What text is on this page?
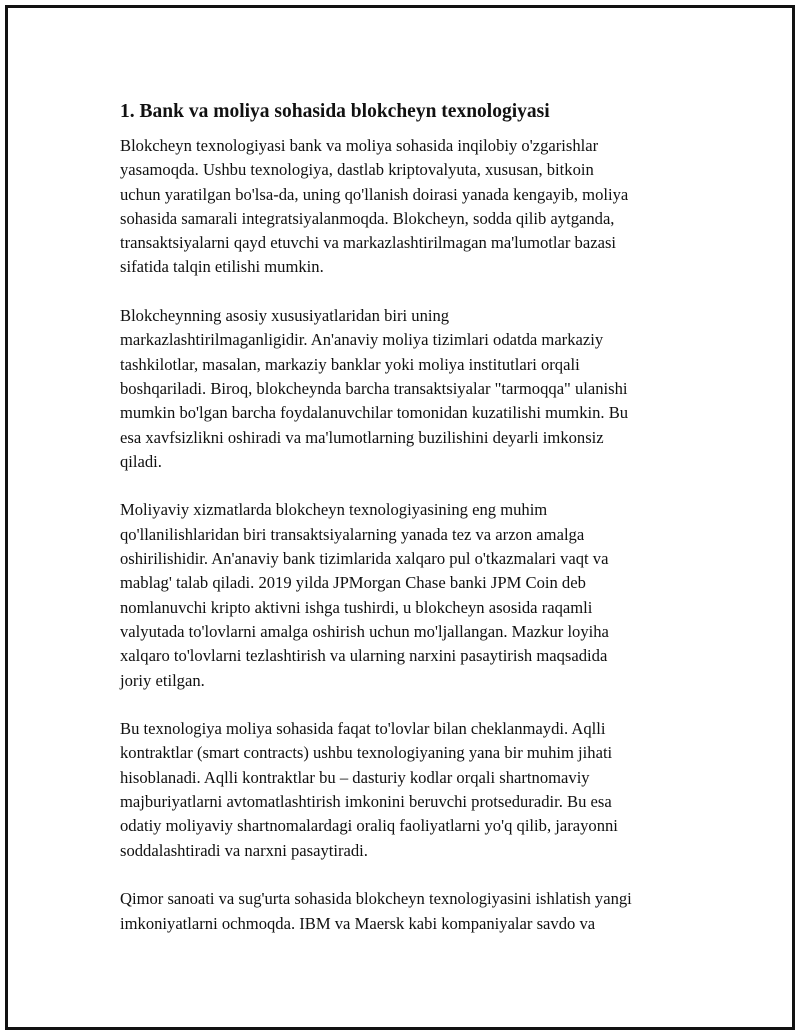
1. Bank va moliya sohasida blokcheyn texnologiyasi

Blokcheyn texnologiyasi bank va moliya sohasida inqilobiy o'zgarishlar
yasamoqda. Ushbu texnologiya, dastlab kriptovalyuta, xususan, bitkoin
uchun yaratilgan bo'lsa-da, uning qo'llanish doirasi yanada kengayib, moliya
sohasida samarali integratsiyalanmoqda. Blokcheyn, sodda qilib aytganda,
transaktsiyalarni qayd etuvchi va markazlashtirilmagan ma'lumotlar bazasi
sifatida talqin etilishi mumkin.

Blokcheynning asosiy xususiyatlaridan biri uning
markazlashtirilmaganligidir. An'anaviy moliya tizimlari odatda markaziy
tashkilotlar, masalan, markaziy banklar yoki moliya institutlari orqali
boshqariladi. Biroq, blokcheynda barcha transaktsiyalar "tarmoqqa" ulanishi
mumkin bo'lgan barcha foydalanuvchilar tomonidan kuzatilishi mumkin. Bu
esa xavfsizlikni oshiradi va ma'lumotlarning buzilishini deyarli imkonsiz
qiladi.

Moliyaviy xizmatlarda blokcheyn texnologiyasining eng muhim
qo'llanilishlaridan biri transaktsiyalarning yanada tez va arzon amalga
oshirilishidir. An'anaviy bank tizimlarida xalqaro pul o'tkazmalari vaqt va
mablag' talab qiladi. 2019 yilda JPMorgan Chase banki JPM Coin deb
nomlanuvchi kripto aktivni ishga tushirdi, u blokcheyn asosida raqamli
valyutada to'lovlarni amalga oshirish uchun mo'ljallangan. Mazkur loyiha
xalqaro to'lovlarni tezlashtirish va ularning narxini pasaytirish maqsadida
joriy etilgan.

Bu texnologiya moliya sohasida faqat to'lovlar bilan cheklanmaydi. Aqlli
kontraktlar (smart contracts) ushbu texnologiyaning yana bir muhim jihati
hisoblanadi. Aqlli kontraktlar bu – dasturiy kodlar orqali shartnomaviy
majburiyatlarni avtomatlashtirish imkonini beruvchi protseduradir. Bu esa
odatiy moliyaviy shartnomalardagi oraliq faoliyatlarni yo'q qilib, jarayonni
soddalashtiradi va narxni pasaytiradi.

Qimor sanoati va sug'urta sohasida blokcheyn texnologiyasini ishlatish yangi
imkoniyatlarni ochmoqda. IBM va Maersk kabi kompaniyalar savdo va
